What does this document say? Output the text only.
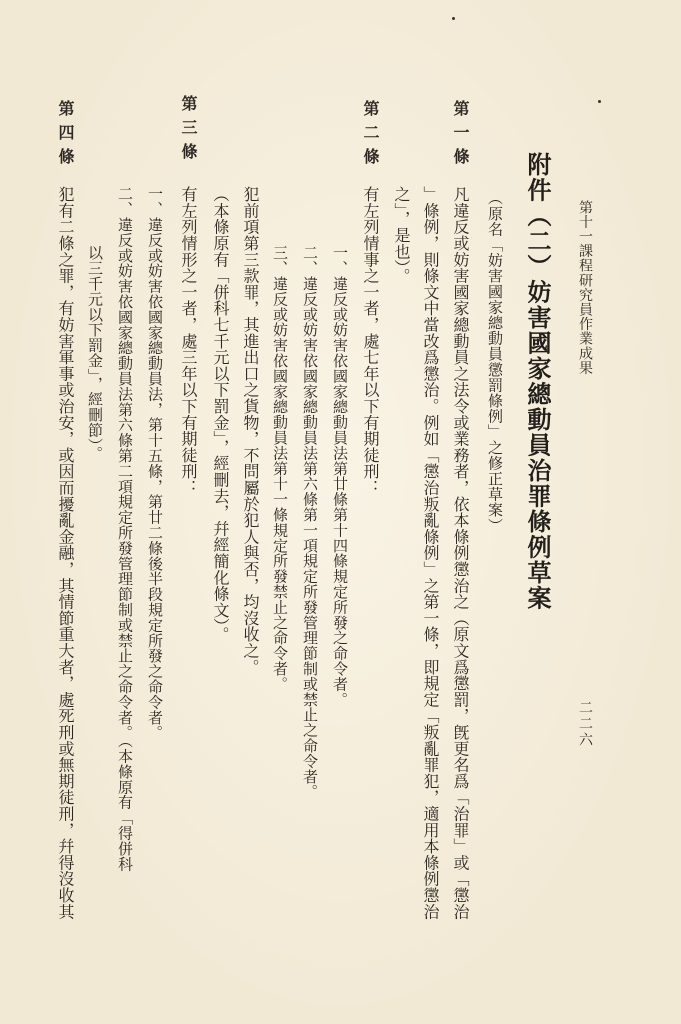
第十一課程研究員作業成果
二二六
附件（二）妨害國家總動員治罪條例草案
（原名「妨害國家總動員懲罰條例」之修正草案）
第一條
凡違反或妨害國家總動員之法令或業務者，依本條例懲治之（原文爲懲罰，旣更名爲「治罪」或「懲治
」條例，則條文中當改爲懲治。例如「懲治叛亂條例」之第一條，即規定「叛亂罪犯，適用本條例懲治
之」，是也）。
第二條
有左列情事之一者，處七年以下有期徒刑：
一、違反或妨害依國家總動員法第廿條第十四條規定所發之命令者。
二、違反或妨害依國家總動員法第六條第一項規定所發管理節制或禁止之命令者。
三、違反或妨害依國家總動員法第十一條規定所發禁止之命令者。
犯前項第三款罪，其進出口之貨物，不問屬於犯人與否，均沒收之。
（本條原有「併科七千元以下罰金」，經刪去，幷經簡化條文）。
第三條
有左列情形之一者，處三年以下有期徒刑：
一、違反或妨害依國家總動員法，第十五條，第廿二條後半段規定所發之命令者。
二、違反或妨害依國家總動員法第六條第二項規定所發管理節制或禁止之命令者。（本條原有「得併科
以三千元以下罰金」，經刪節）。
第四條
犯有二條之罪，有妨害軍事或治安，或因而擾亂金融，其情節重大者，處死刑或無期徒刑，幷得沒收其
